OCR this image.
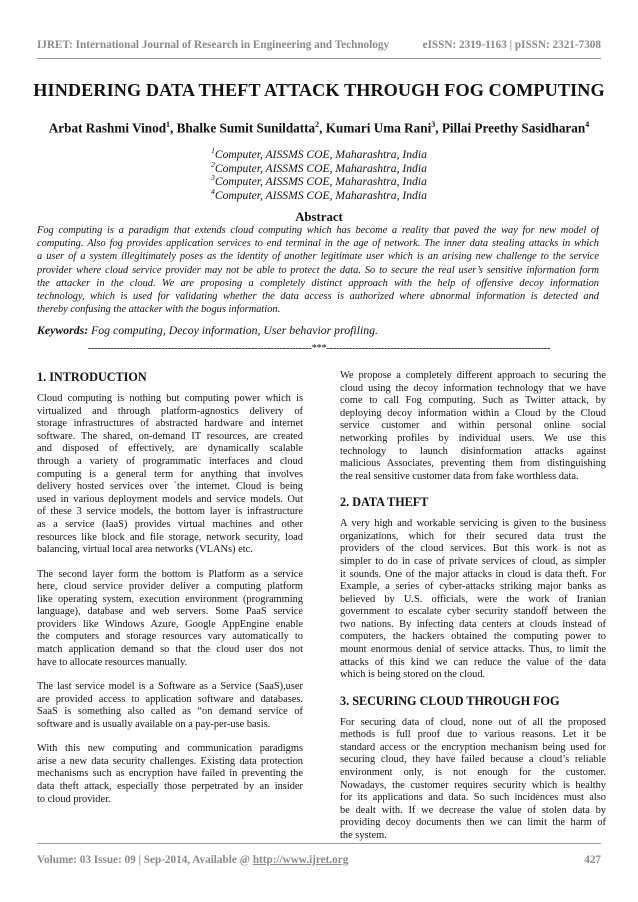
IJRET: International Journal of Research in Engineering and Technology	eISSN: 2319-1163 | pISSN: 2321-7308
HINDERING DATA THEFT ATTACK THROUGH FOG COMPUTING
Arbat Rashmi Vinod$^1$, Bhalke Sumit Sunildatta$^2$, Kumari Uma Rani$^3$, Pillai Preethy Sasidharan$^4$
$^1$Computer, AISSMS COE, Maharashtra, India
$^2$Computer, AISSMS COE, Maharashtra, India
$^3$Computer, AISSMS COE, Maharashtra, India
$^4$Computer, AISSMS COE, Maharashtra, India
Abstract
Fog computing is a paradigm that extends cloud computing which has become a reality that paved the way for new model of
computing. Also fog provides application services to end terminal in the age of network. The inner data stealing attacks in which
a user of a system illegitimately poses as the identity of another legitimate user which is an arising new challenge to the service
provider where cloud service provider may not be able to protect the data. So to secure the real user’s sensitive information form
the attacker in the cloud. We are proposing a completely distinct approach with the help of offensive decoy information
technology, which is used for validating whether the data access is authorized where abnormal information is detected and
thereby confusing the attacker with the bogus information.
Keywords: Fog computing, Decoy information, User behavior profiling.
----------------------------------------------------------------------***----------------------------------------------------------------------
1. INTRODUCTION
Cloud computing is nothing but computing power which is
virtualized and through platform-agnostics delivery of
storage infrastructures of abstracted hardware and internet
software. The shared, on-demand IT resources, are created
and disposed of effectively, are dynamically scalable
through a variety of programmatic interfaces and cloud
computing is a general term for anything that involves
delivery hosted services over `the internet. Cloud is being
used in various deployment models and service models. Out
of these 3 service models, the bottom layer is infrastructure
as a service (IaaS) provides virtual machines and other
resources like block and file storage, network security, load
balancing, virtual local area networks (VLANs) etc.
The second layer form the bottom is Platform as a service
here, cloud service provider deliver a computing platform
like operating system, execution environment (programming
language), database and web servers. Some PaaS service
providers like Windows Azure, Google AppEngine enable
the computers and storage resources vary automatically to
match application demand so that the cloud user dos not
have to allocate resources manually.
The last service model is a Software as a Service (SaaS),user
are provided access to application software and databases.
SaaS is something also called as “on demand service of
software and is usually available on a pay-per-use basis.
With this new computing and communication paradigms
arise a new data security challenges. Existing data protection
mechanisms such as encryption have failed in preventing the
data theft attack, especially those perpetrated by an insider
to cloud provider.
We propose a completely different approach to securing the
cloud using the decoy information technology that we have
come to call Fog computing. Such as Twitter attack, by
deploying decoy information within a Cloud by the Cloud
service customer and within personal online social
networking profiles by individual users. We use this
technology to launch disinformation attacks against
malicious Associates, preventing them from distinguishing
the real sensitive customer data from fake worthless data.
2. DATA THEFT
A very high and workable servicing is given to the business
organizations, which for their secured data trust the
providers of the cloud services. But this work is not as
simpler to do in case of private services of cloud, as simpler
it sounds. One of the major attacks in cloud is data theft. For
Example, a series of cyber-attacks striking major banks as
believed by U.S. officials, were the work of Iranian
government to escalate cyber security standoff between the
two nations. By infecting data centers at clouds instead of
computers, the hackers obtained the computing power to
mount enormous denial of service attacks. Thus, to limit the
attacks of this kind we can reduce the value of the data
which is being stored on the cloud.
3. SECURING CLOUD THROUGH FOG
For securing data of cloud, none out of all the proposed
methods is full proof due to various reasons. Let it be
standard access or the encryption mechanism being used for
securing cloud, they have failed because a cloud’s reliable
environment only, is not enough for the customer.
Nowadays, the customer requires security which is healthy
for its applications and data. So such incidences must also
be dealt with. If we decrease the value of stolen data by
providing decoy documents then we can limit the harm of
the system.
Volume: 03 Issue: 09 | Sep-2014, Available @ http://www.ijret.org	427
